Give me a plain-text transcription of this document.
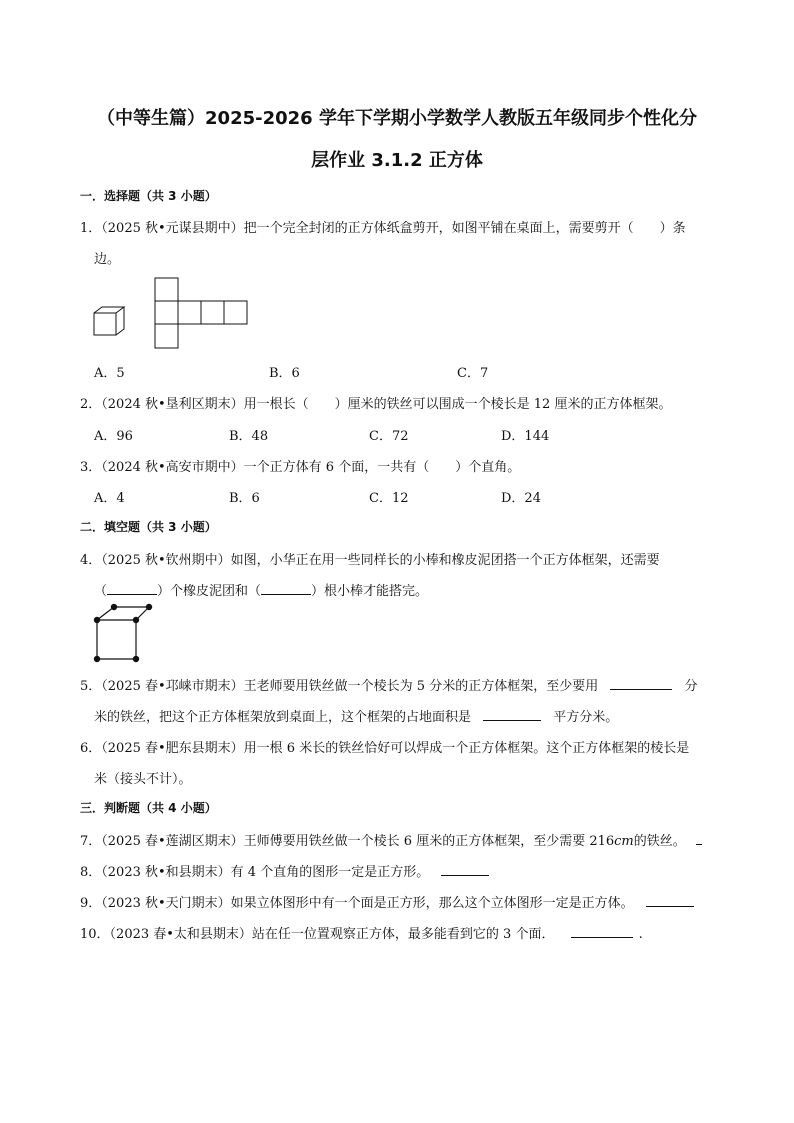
（中等生篇）2025-2026 学年下学期小学数学人教版五年级同步个性化分
层作业 3.1.2 正方体
一．选择题（共 3 小题）
1．（2025 秋•元谋县期中）把一个完全封闭的正方体纸盒剪开，如图平铺在桌面上，需要剪开（　　）条
边。
A．5	B．6	C．7
2．（2024 秋•垦利区期末）用一根长（　　）厘米的铁丝可以围成一个棱长是 12 厘米的正方体框架。
A．96	B．48	C．72	D．144
3．（2024 秋•高安市期中）一个正方体有 6 个面，一共有（　　）个直角。
A．4	B．6	C．12	D．24
二．填空题（共 3 小题）
4．（2025 秋•钦州期中）如图，小华正在用一些同样长的小棒和橡皮泥团搭一个正方体框架，还需要
（	）个橡皮泥团和（	）根小棒才能搭完。
5．（2025 春•邛崃市期末）王老师要用铁丝做一个棱长为 5 分米的正方体框架，至少要用	分
米的铁丝，把这个正方体框架放到桌面上，这个框架的占地面积是	平方分米。
6．（2025 春•肥东县期末）用一根 6 米长的铁丝恰好可以焊成一个正方体框架。这个正方体框架的棱长是
米（接头不计）。
三．判断题（共 4 小题）
7．（2025 春•莲湖区期末）王师傅要用铁丝做一个棱长 6 厘米的正方体框架，至少需要 216cm的铁丝。
8．（2023 秋•和县期末）有 4 个直角的图形一定是正方形。
9．（2023 秋•天门期末）如果立体图形中有一个面是正方形，那么这个立体图形一定是正方体。
10．（2023 春•太和县期末）站在任一位置观察正方体，最多能看到它的 3 个面．	.
